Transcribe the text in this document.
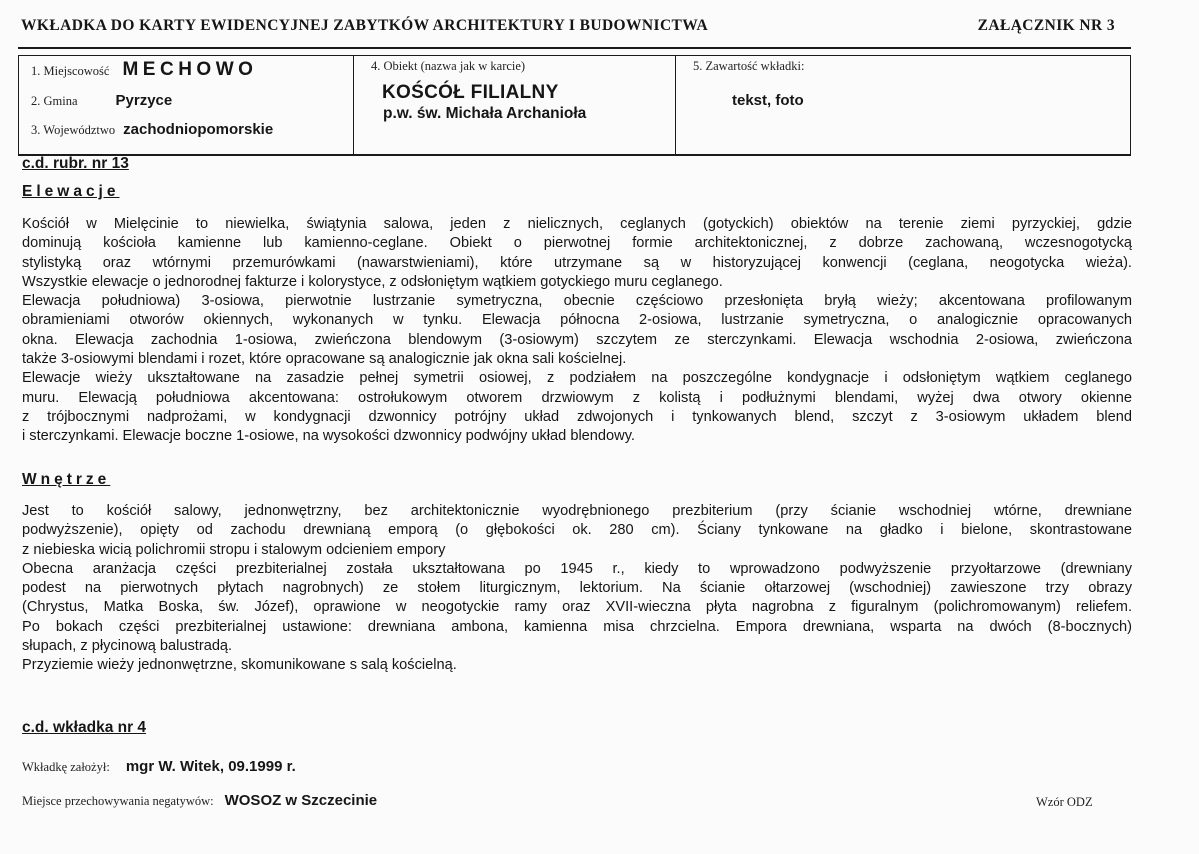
WKŁADKA DO KARTY EWIDENCYJNEJ ZABYTKÓW ARCHITEKTURY I BUDOWNICTWA	ZAŁĄCZNIK NR 3
1. Miejscowość MECHOWO
2. Gmina	Pyrzyce
3. Województwo zachodniopomorskie
4. Obiekt (nazwa jak w karcie)
KOŚCÓŁ FILIALNY
p.w. św. Michała Archanioła
5. Zawartość wkładki:
tekst, foto
c.d. rubr. nr 13
Elewacje
Kościół w Mielęcinie to niewielka, świątynia salowa, jeden z nielicznych, ceglanych (gotyckich) obiektów na terenie ziemi pyrzyckiej, gdzie
dominują kościoła kamienne lub kamienno-ceglane. Obiekt o pierwotnej formie architektonicznej, z dobrze zachowaną, wczesnogotycką
stylistyką oraz wtórnymi przemurówkami (nawarstwieniami), które utrzymane są w historyzującej konwencji (ceglana, neogotycka wieża).
Wszystkie elewacje o jednorodnej fakturze i kolorystyce, z odsłoniętym wątkiem gotyckiego muru ceglanego.
Elewacja południowa) 3-osiowa, pierwotnie lustrzanie symetryczna, obecnie częściowo przesłonięta bryłą wieży; akcentowana profilowanym
obramieniami otworów okiennych, wykonanych w tynku. Elewacja północna 2-osiowa, lustrzanie symetryczna, o analogicznie opracowanych
okna. Elewacja zachodnia 1-osiowa, zwieńczona blendowym (3-osiowym) szczytem ze sterczynkami. Elewacja wschodnia 2-osiowa, zwieńczona
także 3-osiowymi blendami i rozet, które opracowane są analogicznie jak okna sali kościelnej.
Elewacje wieży ukształtowane na zasadzie pełnej symetrii osiowej, z podziałem na poszczególne kondygnacje i odsłoniętym wątkiem ceglanego
muru. Elewacją południowa akcentowana: ostrołukowym otworem drzwiowym z kolistą i podłużnymi blendami, wyżej dwa otwory okienne
z trójbocznymi nadprożami, w kondygnacji dzwonnicy potrójny układ zdwojonych i tynkowanych blend, szczyt z 3-osiowym układem blend
i sterczynkami. Elewacje boczne 1-osiowe, na wysokości dzwonnicy podwójny układ blendowy.
Wnętrze
Jest to kościół salowy, jednonwętrzny, bez architektonicznie wyodrębnionego prezbiterium (przy ścianie wschodniej wtórne, drewniane
podwyższenie), opięty od zachodu drewnianą emporą (o głębokości ok. 280 cm). Ściany tynkowane na gładko i bielone, skontrastowane
z niebieska wicią polichromii stropu i stalowym odcieniem empory
Obecna aranżacja części prezbiterialnej została ukształtowana po 1945 r., kiedy to wprowadzono podwyższenie przyołtarzowe (drewniany
podest na pierwotnych płytach nagrobnych) ze stołem liturgicznym, lektorium. Na ścianie ołtarzowej (wschodniej) zawieszone trzy obrazy
(Chrystus, Matka Boska, św. Józef), oprawione w neogotyckie ramy oraz XVII-wieczna płyta nagrobna z figuralnym (polichromowanym) reliefem.
Po bokach części prezbiterialnej ustawione: drewniana ambona, kamienna misa chrzcielna. Empora drewniana, wsparta na dwóch (8-bocznych)
słupach, z płycinową balustradą.
Przyziemie wieży jednonwętrzne, skomunikowane s salą kościelną.
c.d. wkładka nr 4
Wkładkę założył: mgr W. Witek, 09.1999 r.
Miejsce przechowywania negatywów: WOSOZ w Szczecinie	Wzór ODZ
